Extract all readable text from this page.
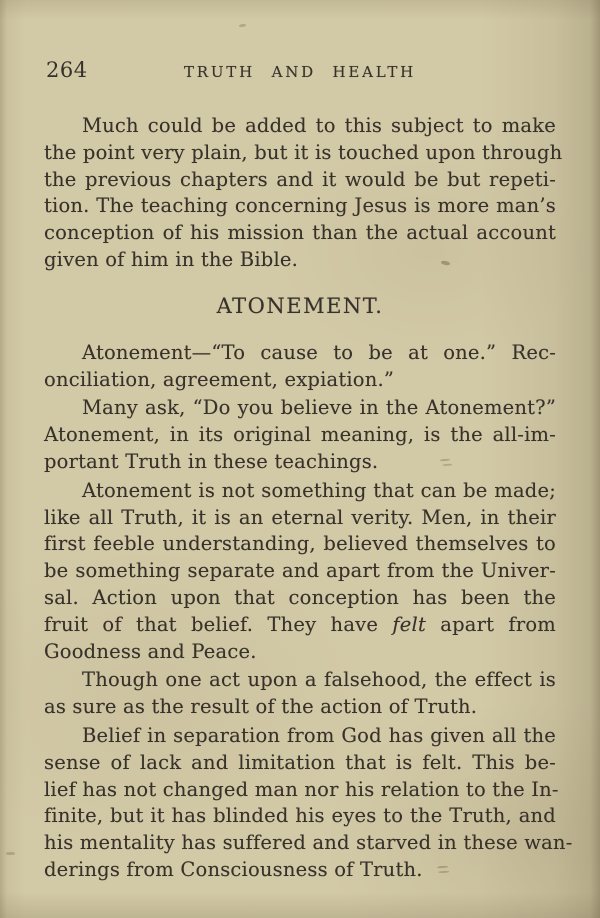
264	TRUTH AND HEALTH
Much could be added to this subject to make
the point very plain, but it is touched upon through
the previous chapters and it would be but repeti-
tion. The teaching concerning Jesus is more man’s
conception of his mission than the actual account
given of him in the Bible.
ATONEMENT.
Atonement—“To cause to be at one.” Rec-
onciliation, agreement, expiation.”
Many ask, “Do you believe in the Atonement?”
Atonement, in its original meaning, is the all-im-
portant Truth in these teachings.
Atonement is not something that can be made;
like all Truth, it is an eternal verity. Men, in their
first feeble understanding, believed themselves to
be something separate and apart from the Univer-
sal. Action upon that conception has been the
fruit of that belief. They have felt apart from
Goodness and Peace.
Though one act upon a falsehood, the effect is
as sure as the result of the action of Truth.
Belief in separation from God has given all the
sense of lack and limitation that is felt. This be-
lief has not changed man nor his relation to the In-
finite, but it has blinded his eyes to the Truth, and
his mentality has suffered and starved in these wan-
derings from Consciousness of Truth.
